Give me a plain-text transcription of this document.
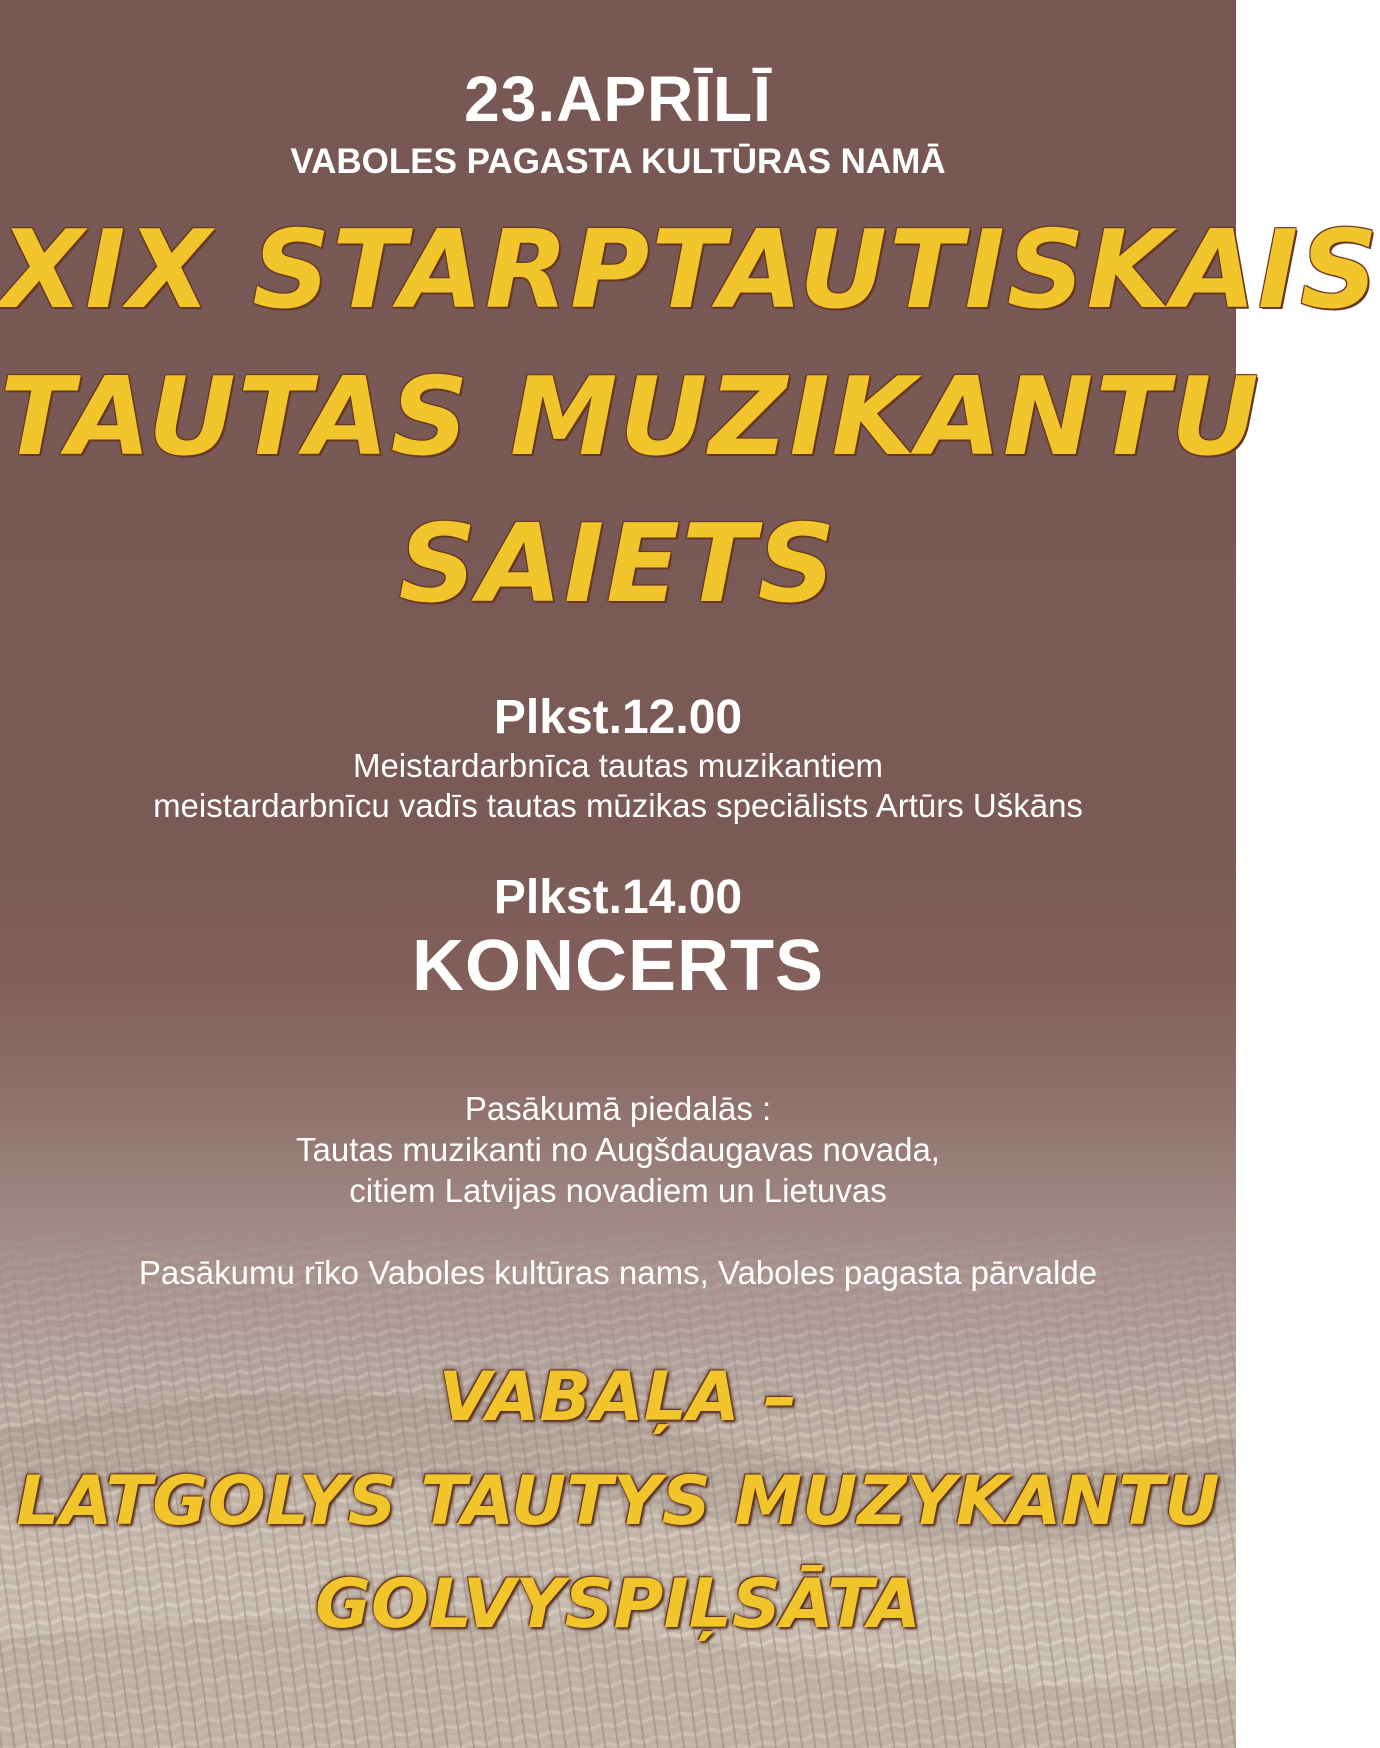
23.APRĪLĪ
VABOLES PAGASTA KULTŪRAS NAMĀ
XIX STARPTAUTISKAIS
TAUTAS MUZIKANTU
SAIETS
Plkst.12.00
Meistardarbnīca tautas muzikantiem
meistardarbnīcu vadīs tautas mūzikas speciālists Artūrs Uškāns
Plkst.14.00
KONCERTS
Pasākumā piedalās :
Tautas muzikanti no Augšdaugavas novada,
citiem Latvijas novadiem un Lietuvas
Pasākumu rīko Vaboles kultūras nams, Vaboles pagasta pārvalde
VABAĻA –
LATGOLYS TAUTYS MUZYKANTU
GOLVYSPIĻSĀTA
